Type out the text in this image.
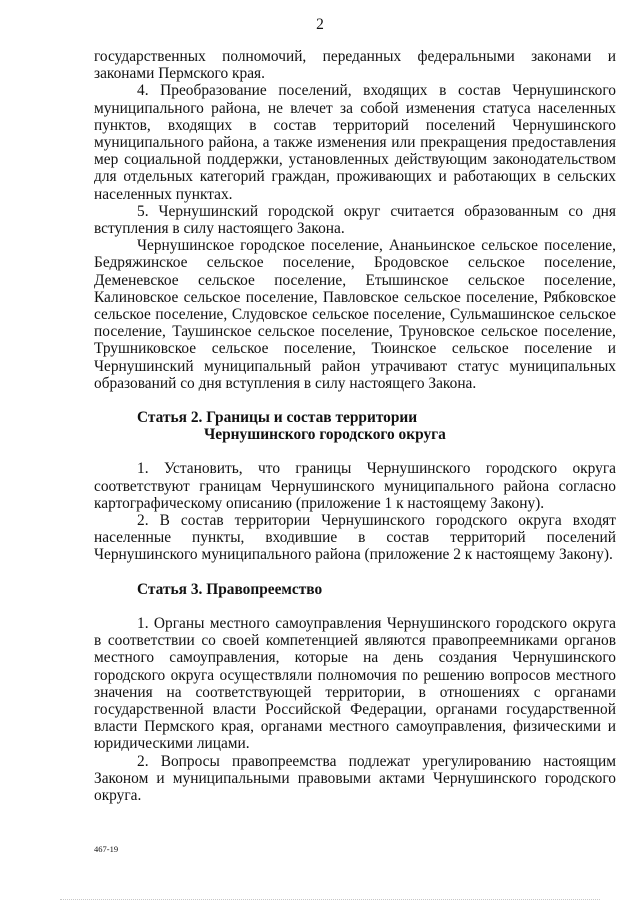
2

государственных полномочий, переданных федеральными законами и законами Пермского края.

4. Преобразование поселений, входящих в состав Чернушинского муниципального района, не влечет за собой изменения статуса населенных пунктов, входящих в состав территорий поселений Чернушинского муниципального района, а также изменения или прекращения предоставления мер социальной поддержки, установленных действующим законодательством для отдельных категорий граждан, проживающих и работающих в сельских населенных пунктах.

5. Чернушинский городской округ считается образованным со дня вступления в силу настоящего Закона.

Чернушинское городское поселение, Ананьинское сельское поселение, Бедряжинское сельское поселение, Бродовское сельское поселение, Деменевское сельское поселение, Етышинское сельское поселение, Калиновское сельское поселение, Павловское сельское поселение, Рябковское сельское поселение, Слудовское сельское поселение, Сульмашинское сельское поселение, Таушинское сельское поселение, Труновское сельское поселение, Трушниковское сельское поселение, Тюинское сельское поселение и Чернушинский муниципальный район утрачивают статус муниципальных образований со дня вступления в силу настоящего Закона.

Статья 2. Границы и состав территории
Чернушинского городского округа

1. Установить, что границы Чернушинского городского округа соответствуют границам Чернушинского муниципального района согласно картографическому описанию (приложение 1 к настоящему Закону).

2. В состав территории Чернушинского городского округа входят населенные пункты, входившие в состав территорий поселений Чернушинского муниципального района (приложение 2 к настоящему Закону).

Статья 3. Правопреемство

1. Органы местного самоуправления Чернушинского городского округа в соответствии со своей компетенцией являются правопреемниками органов местного самоуправления, которые на день создания Чернушинского городского округа осуществляли полномочия по решению вопросов местного значения на соответствующей территории, в отношениях с органами государственной власти Российской Федерации, органами государственной власти Пермского края, органами местного самоуправления, физическими и юридическими лицами.

2. Вопросы правопреемства подлежат урегулированию настоящим Законом и муниципальными правовыми актами Чернушинского городского округа.

467-19
